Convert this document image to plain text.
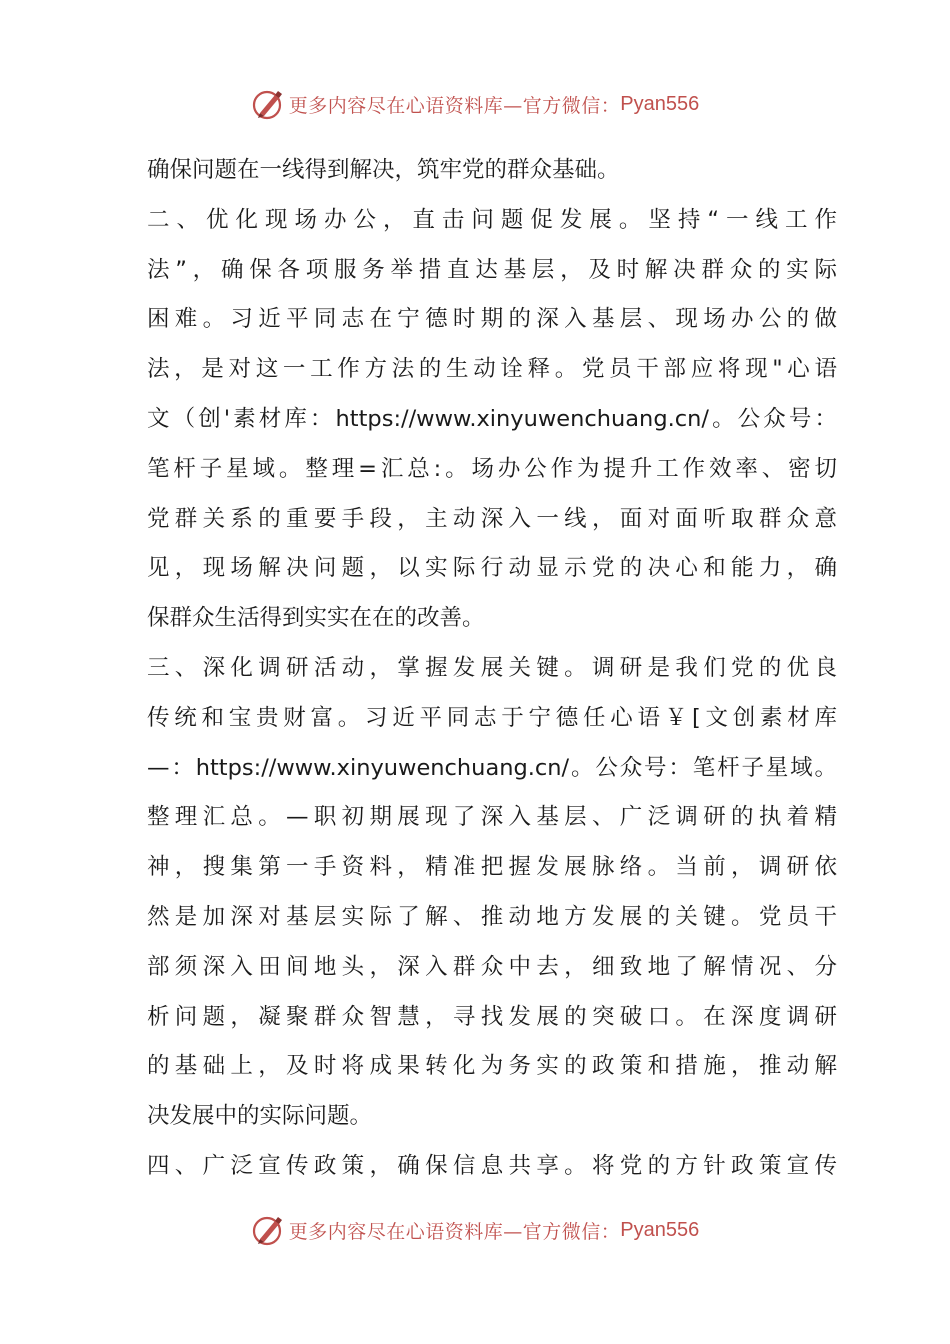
更多内容尽在心语资料库—官方微信： Pyan556
确保问题在一线得到解决，筑牢党的群众基础。
二、优化现场办公，直击问题促发展。坚持“一线工作
法”，确保各项服务举措直达基层，及时解决群众的实际
困难。习近平同志在宁德时期的深入基层、现场办公的做
法，是对这一工作方法的生动诠释。党员干部应将现"心语
文（创'素材库：https://www.xinyuwenchuang.cn/。公众号：
笔杆子星域。整理=汇总:。场办公作为提升工作效率、密切
党群关系的重要手段，主动深入一线，面对面听取群众意
见，现场解决问题，以实际行动显示党的决心和能力，确
保群众生活得到实实在在的改善。
三、深化调研活动，掌握发展关键。调研是我们党的优良
传统和宝贵财富。习近平同志于宁德任心语￥[文创素材库
—：https://www.xinyuwenchuang.cn/。公众号：笔杆子星域。
整理汇总。—职初期展现了深入基层、广泛调研的执着精
神，搜集第一手资料，精准把握发展脉络。当前，调研依
然是加深对基层实际了解、推动地方发展的关键。党员干
部须深入田间地头，深入群众中去，细致地了解情况、分
析问题，凝聚群众智慧，寻找发展的突破口。在深度调研
的基础上，及时将成果转化为务实的政策和措施，推动解
决发展中的实际问题。
四、广泛宣传政策，确保信息共享。将党的方针政策宣传
更多内容尽在心语资料库—官方微信： Pyan556
